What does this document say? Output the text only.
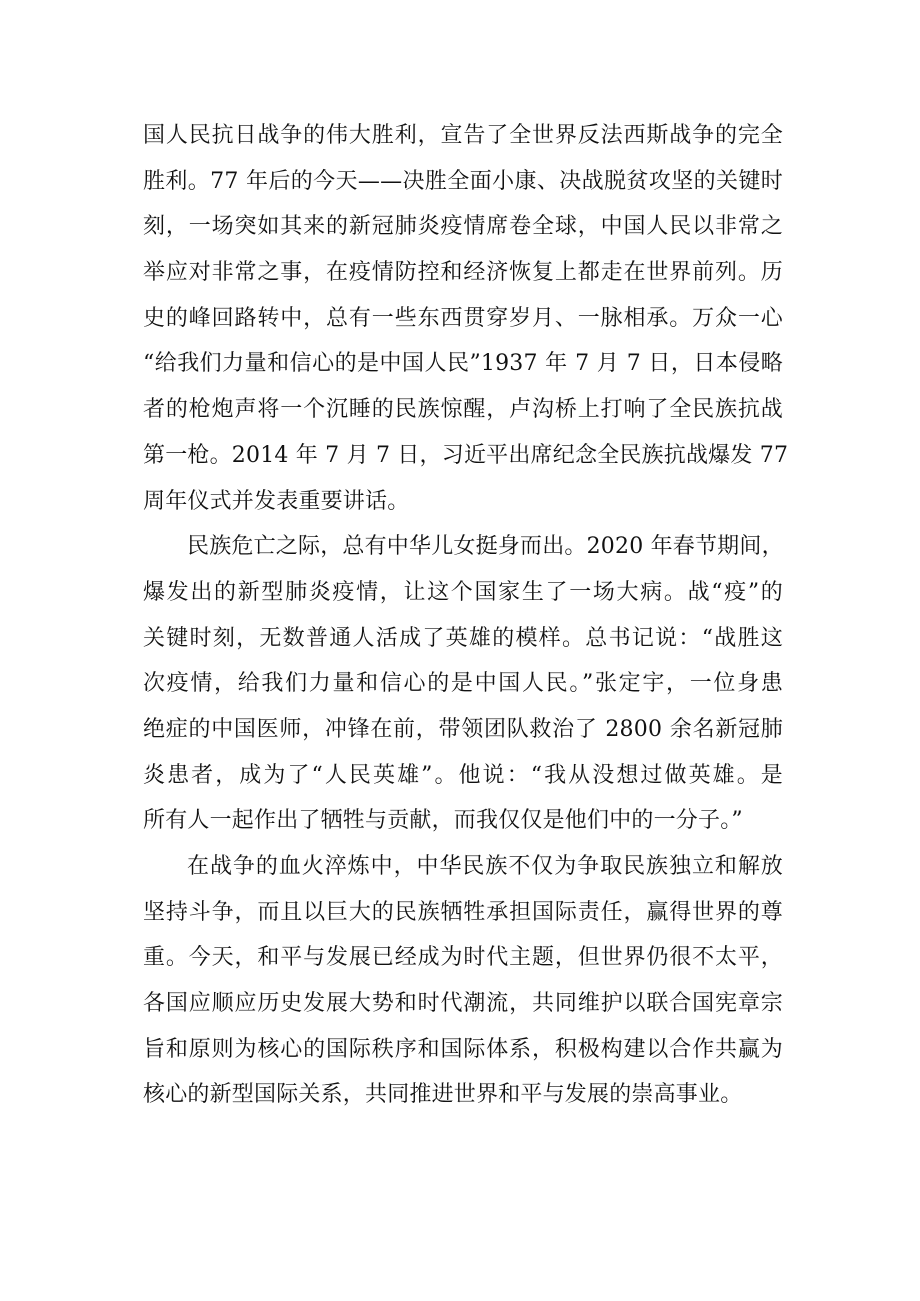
国人民抗日战争的伟大胜利，宣告了全世界反法西斯战争的完全
胜利。77 年后的今天——决胜全面小康、决战脱贫攻坚的关键时
刻，一场突如其来的新冠肺炎疫情席卷全球，中国人民以非常之
举应对非常之事，在疫情防控和经济恢复上都走在世界前列。历
史的峰回路转中，总有一些东西贯穿岁月、一脉相承。万众一心
“给我们力量和信心的是中国人民”1937 年 7 月 7 日，日本侵略
者的枪炮声将一个沉睡的民族惊醒，卢沟桥上打响了全民族抗战
第一枪。2014 年 7 月 7 日，习近平出席纪念全民族抗战爆发 77
周年仪式并发表重要讲话。
民族危亡之际，总有中华儿女挺身而出。2020 年春节期间，
爆发出的新型肺炎疫情，让这个国家生了一场大病。战“疫”的
关键时刻，无数普通人活成了英雄的模样。总书记说：“战胜这
次疫情，给我们力量和信心的是中国人民。”张定宇，一位身患
绝症的中国医师，冲锋在前，带领团队救治了 2800 余名新冠肺
炎患者，成为了“人民英雄”。他说：“我从没想过做英雄。是
所有人一起作出了牺牲与贡献，而我仅仅是他们中的一分子。”
在战争的血火淬炼中，中华民族不仅为争取民族独立和解放
坚持斗争，而且以巨大的民族牺牲承担国际责任，赢得世界的尊
重。今天，和平与发展已经成为时代主题，但世界仍很不太平，
各国应顺应历史发展大势和时代潮流，共同维护以联合国宪章宗
旨和原则为核心的国际秩序和国际体系，积极构建以合作共赢为
核心的新型国际关系，共同推进世界和平与发展的崇高事业。
